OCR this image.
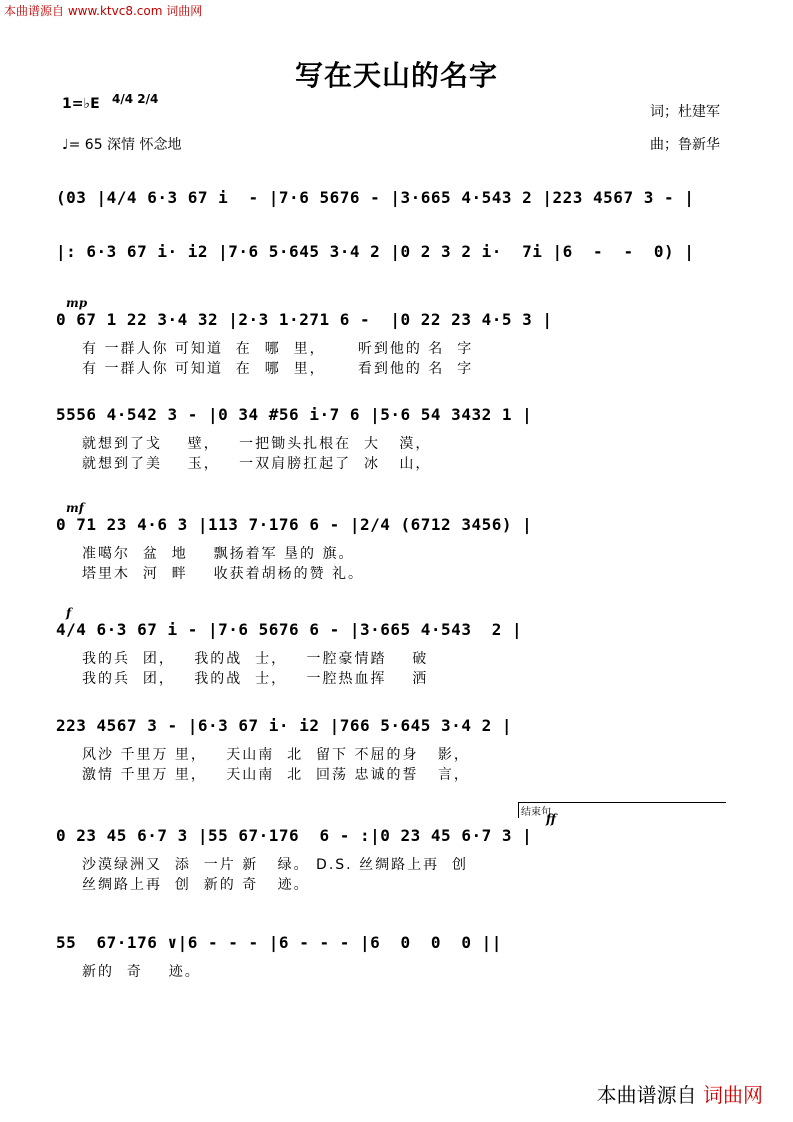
本曲谱源自 www.ktvc8.com 词曲网
写在天山的名字
1=♭E 4/4 2/4
♩= 65 深情 怀念地
词；杜建军
曲；鲁新华
(03 |4/4 6·3 67 i  - |7·6 5676 - |3·665 4·543 2 |223 4567 3 - |
|: 6·3 67 i· i2 |7·6 5·645 3·4 2 |0 2 3 2 i·  7i |6  -  -  0) |
mp
0 67 1 22 3·4 32 |2·3 1·271 6 -  |0 22 23 4·5 3 |
有 一群人你 可知道  在  哪  里，     听到他的 名  字
有 一群人你 可知道  在  哪  里，     看到他的 名  字
5556 4·542 3 - |0 34 #56 i·7 6 |5·6 54 3432 1 |
就想到了戈    壁，   一把锄头扎根在  大   漠，
就想到了美    玉，   一双肩膀扛起了  冰   山，
mf
0 71 23 4·6 3 |113 7·176 6 - |2/4 (6712 3456) |
准噶尔  盆  地    飘扬着军 垦的 旗。
塔里木  河  畔    收获着胡杨的赞 礼。
f
4/4 6·3 67 i - |7·6 5676 6 - |3·665 4·543  2 |
我的兵  团，   我的战  士，   一腔豪情踏    破
我的兵  团，   我的战  士，   一腔热血挥    洒
223 4567 3 - |6·3 67 i· i2 |766 5·645 3·4 2 |
风沙 千里万 里，   天山南  北  留下 不屈的身   影，
激情 千里万 里，   天山南  北  回荡 忠诚的誓   言，
ff
结束句
0 23 45 6·7 3 |55 67·176  6 - :|0 23 45 6·7 3 |
沙漠绿洲又  添  一片 新   绿。 D.S. 丝绸路上再  创
丝绸路上再  创  新的 奇   迹。
55  67·176 ∨|6 - - - |6 - - - |6  0  0  0 ||
新的  奇    迹。
本曲谱源自 词曲网
